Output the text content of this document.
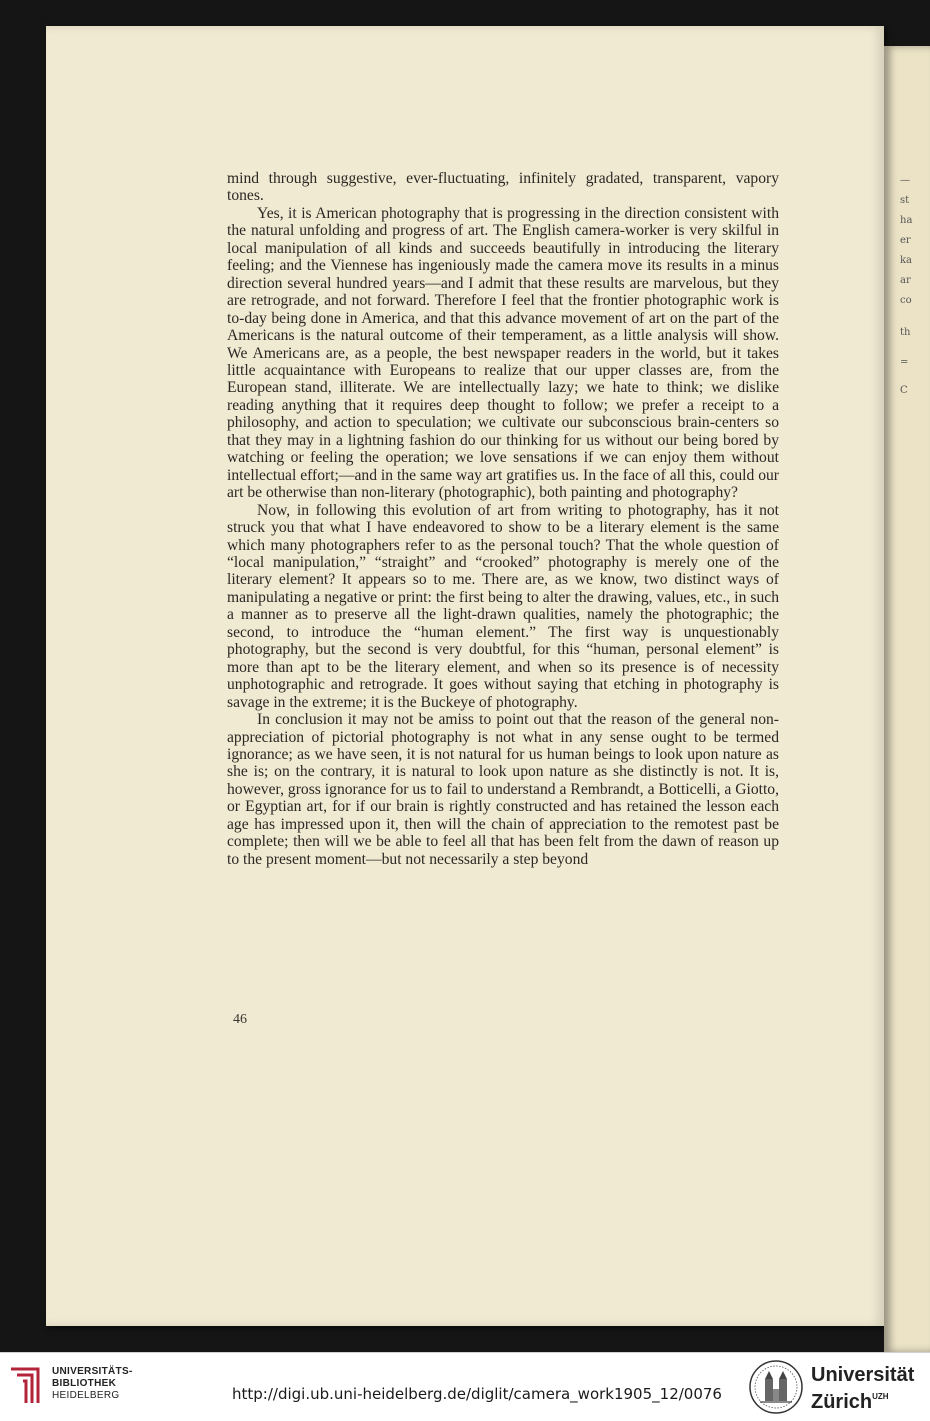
—
st
ha
er
ka
ar
co
th
=
C

mind through suggestive, ever-fluctuating, infinitely gradated, transparent, vapory tones.

Yes, it is American photography that is progressing in the direction consistent with the natural unfolding and progress of art. The English camera-worker is very skilful in local manipulation of all kinds and succeeds beautifully in introducing the literary feeling; and the Viennese has ingeniously made the camera move its results in a minus direction several hundred years—and I admit that these results are marvelous, but they are retrograde, and not forward. Therefore I feel that the frontier photographic work is to-day being done in America, and that this advance movement of art on the part of the Americans is the natural outcome of their temperament, as a little analysis will show. We Americans are, as a people, the best newspaper readers in the world, but it takes little acquaintance with Europeans to realize that our upper classes are, from the European stand, illiterate. We are intellectually lazy; we hate to think; we dislike reading anything that it requires deep thought to follow; we prefer a receipt to a philosophy, and action to speculation; we cultivate our subconscious brain-centers so that they may in a lightning fashion do our thinking for us without our being bored by watching or feeling the operation; we love sensations if we can enjoy them without intellectual effort;—and in the same way art gratifies us. In the face of all this, could our art be otherwise than non-literary (photographic), both painting and photography?

Now, in following this evolution of art from writing to photography, has it not struck you that what I have endeavored to show to be a literary element is the same which many photographers refer to as the personal touch? That the whole question of “local manipulation,” “straight” and “crooked” photography is merely one of the literary element? It appears so to me. There are, as we know, two distinct ways of manipulating a negative or print: the first being to alter the drawing, values, etc., in such a manner as to preserve all the light-drawn qualities, namely the photographic; the second, to introduce the “human element.” The first way is unquestionably photography, but the second is very doubtful, for this “human, personal element” is more than apt to be the literary element, and when so its presence is of necessity unphotographic and retrograde. It goes without saying that etching in photography is savage in the extreme; it is the Buckeye of photography.

In conclusion it may not be amiss to point out that the reason of the general non-appreciation of pictorial photography is not what in any sense ought to be termed ignorance; as we have seen, it is not natural for us human beings to look upon nature as she is; on the contrary, it is natural to look upon nature as she distinctly is not. It is, however, gross ignorance for us to fail to understand a Rembrandt, a Botticelli, a Giotto, or Egyptian art, for if our brain is rightly constructed and has retained the lesson each age has impressed upon it, then will the chain of appreciation to the remotest past be complete; then will we be able to feel all that has been felt from the dawn of reason up to the present moment—but not necessarily a step beyond

46
UNIVERSITÄTS-
BIBLIOTHEK
HEIDELBERG	http://digi.ub.uni-heidelberg.de/diglit/camera_work1905_12/0076
Universität
Zürich$^{UZH}$
